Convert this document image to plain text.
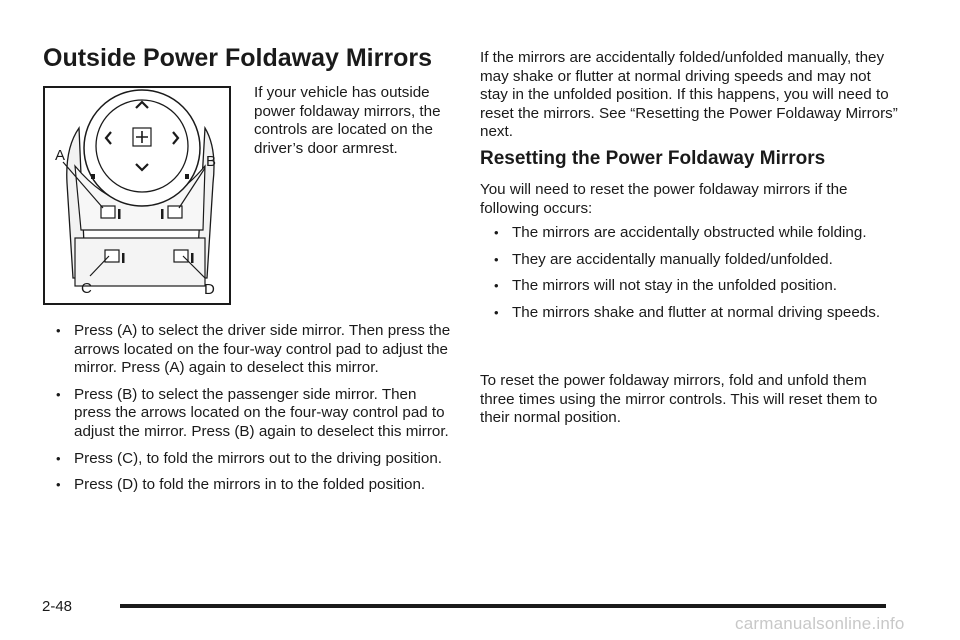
Outside Power Foldaway Mirrors

If your vehicle has outside power foldaway mirrors, the controls are located on the driver’s door armrest.

A	B
C	D
• Press (A) to select the driver side mirror. Then press the arrows located on the four-way control pad to adjust the mirror. Press (A) again to deselect this mirror.

• Press (B) to select the passenger side mirror. Then press the arrows located on the four-way control pad to adjust the mirror. Press (B) again to deselect this mirror.

• Press (C), to fold the mirrors out to the driving position.

• Press (D) to fold the mirrors in to the folded position.

If the mirrors are accidentally folded/unfolded manually, they may shake or flutter at normal driving speeds and may not stay in the unfolded position. If this happens, you will need to reset the mirrors. See “Resetting the Power Foldaway Mirrors” next.

Resetting the Power Foldaway Mirrors

You will need to reset the power foldaway mirrors if the following occurs:

• The mirrors are accidentally obstructed while folding.

• They are accidentally manually folded/unfolded.

• The mirrors will not stay in the unfolded position.

• The mirrors shake and flutter at normal driving speeds.

To reset the power foldaway mirrors, fold and unfold them three times using the mirror controls. This will reset them to their normal position.

2-48
carmanualsonline.info
